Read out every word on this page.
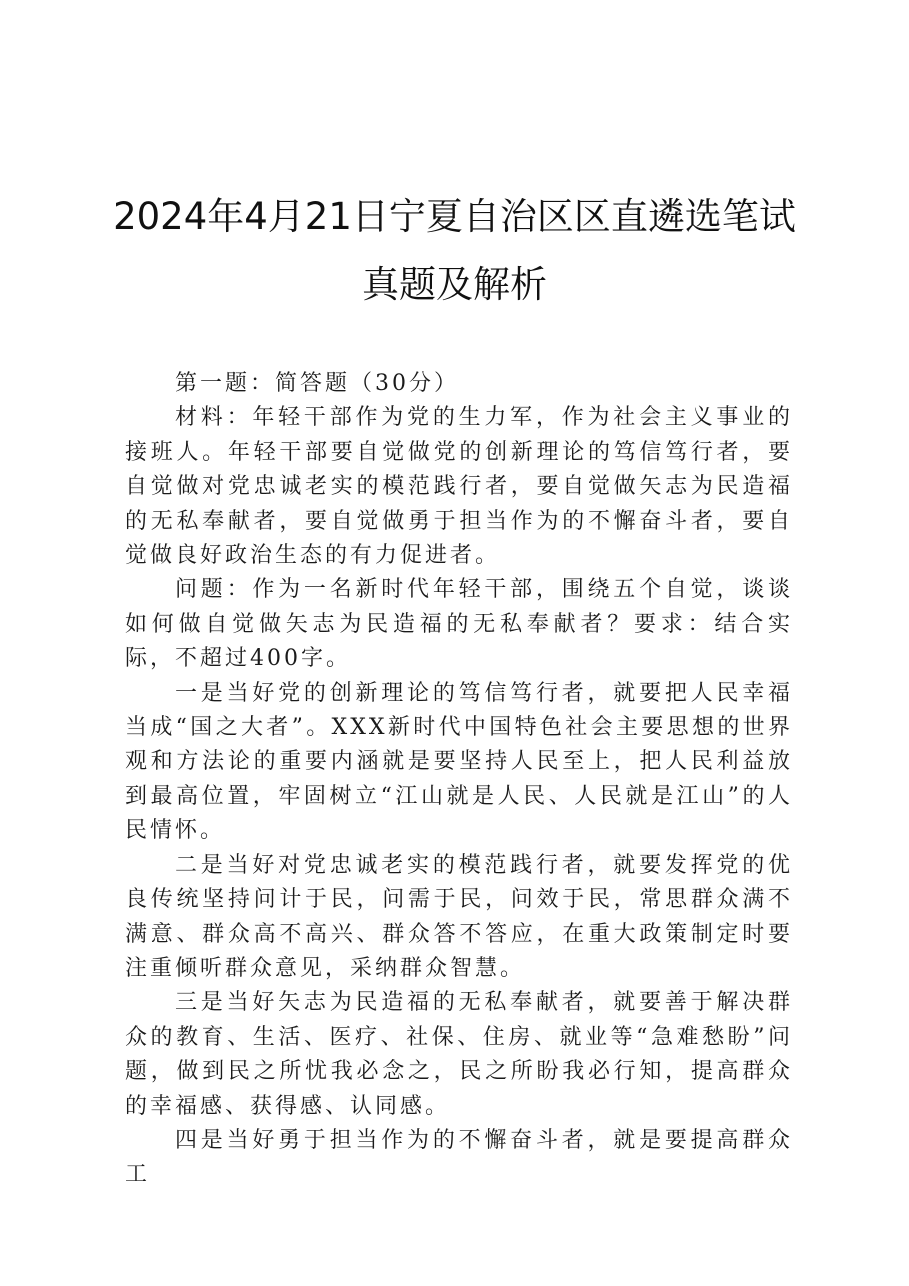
2024年4月21日宁夏自治区区直遴选笔试
真题及解析

第一题：简答题（30分）

材料：年轻干部作为党的生力军，作为社会主义事业的接班人。年轻干部要自觉做党的创新理论的笃信笃行者，要自觉做对党忠诚老实的模范践行者，要自觉做矢志为民造福的无私奉献者，要自觉做勇于担当作为的不懈奋斗者，要自觉做良好政治生态的有力促进者。

问题：作为一名新时代年轻干部，围绕五个自觉，谈谈如何做自觉做矢志为民造福的无私奉献者？要求：结合实际，不超过400字。

一是当好党的创新理论的笃信笃行者，就要把人民幸福当成“国之大者”。XXX新时代中国特色社会主要思想的世界观和方法论的重要内涵就是要坚持人民至上，把人民利益放到最高位置，牢固树立“江山就是人民、人民就是江山”的人民情怀。

二是当好对党忠诚老实的模范践行者，就要发挥党的优良传统坚持问计于民，问需于民，问效于民，常思群众满不满意、群众高不高兴、群众答不答应，在重大政策制定时要注重倾听群众意见，采纳群众智慧。

三是当好矢志为民造福的无私奉献者，就要善于解决群众的教育、生活、医疗、社保、住房、就业等“急难愁盼”问题，做到民之所忧我必念之，民之所盼我必行知，提高群众的幸福感、获得感、认同感。

四是当好勇于担当作为的不懈奋斗者，就是要提高群众工
